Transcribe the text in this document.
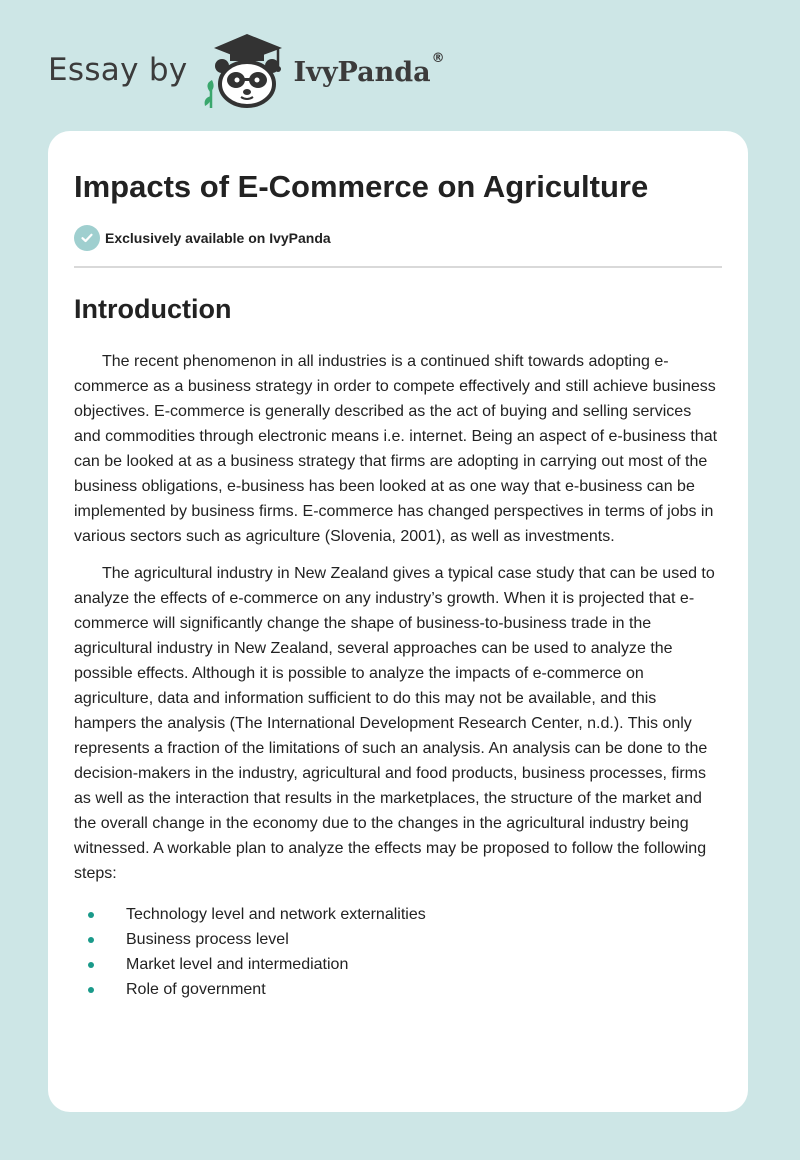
Essay by	IvyPanda®
Impacts of E-Commerce on Agriculture
Exclusively available on IvyPanda
Introduction

The recent phenomenon in all industries is a continued shift towards adopting e-commerce as a business strategy in order to compete effectively and still achieve business objectives. E-commerce is generally described as the act of buying and selling services and commodities through electronic means i.e. internet. Being an aspect of e-business that can be looked at as a business strategy that firms are adopting in carrying out most of the business obligations, e-business has been looked at as one way that e-business can be implemented by business firms. E-commerce has changed perspectives in terms of jobs in various sectors such as agriculture (Slovenia, 2001), as well as investments.

The agricultural industry in New Zealand gives a typical case study that can be used to analyze the effects of e-commerce on any industry’s growth. When it is projected that e-commerce will significantly change the shape of business-to-business trade in the agricultural industry in New Zealand, several approaches can be used to analyze the possible effects. Although it is possible to analyze the impacts of e-commerce on agriculture, data and information sufficient to do this may not be available, and this hampers the analysis (The International Development Research Center, n.d.). This only represents a fraction of the limitations of such an analysis. An analysis can be done to the decision-makers in the industry, agricultural and food products, business processes, firms as well as the interaction that results in the marketplaces, the structure of the market and the overall change in the economy due to the changes in the agricultural industry being witnessed. A workable plan to analyze the effects may be proposed to follow the following steps:

Technology level and network externalities
Business process level
Market level and intermediation
Role of government
